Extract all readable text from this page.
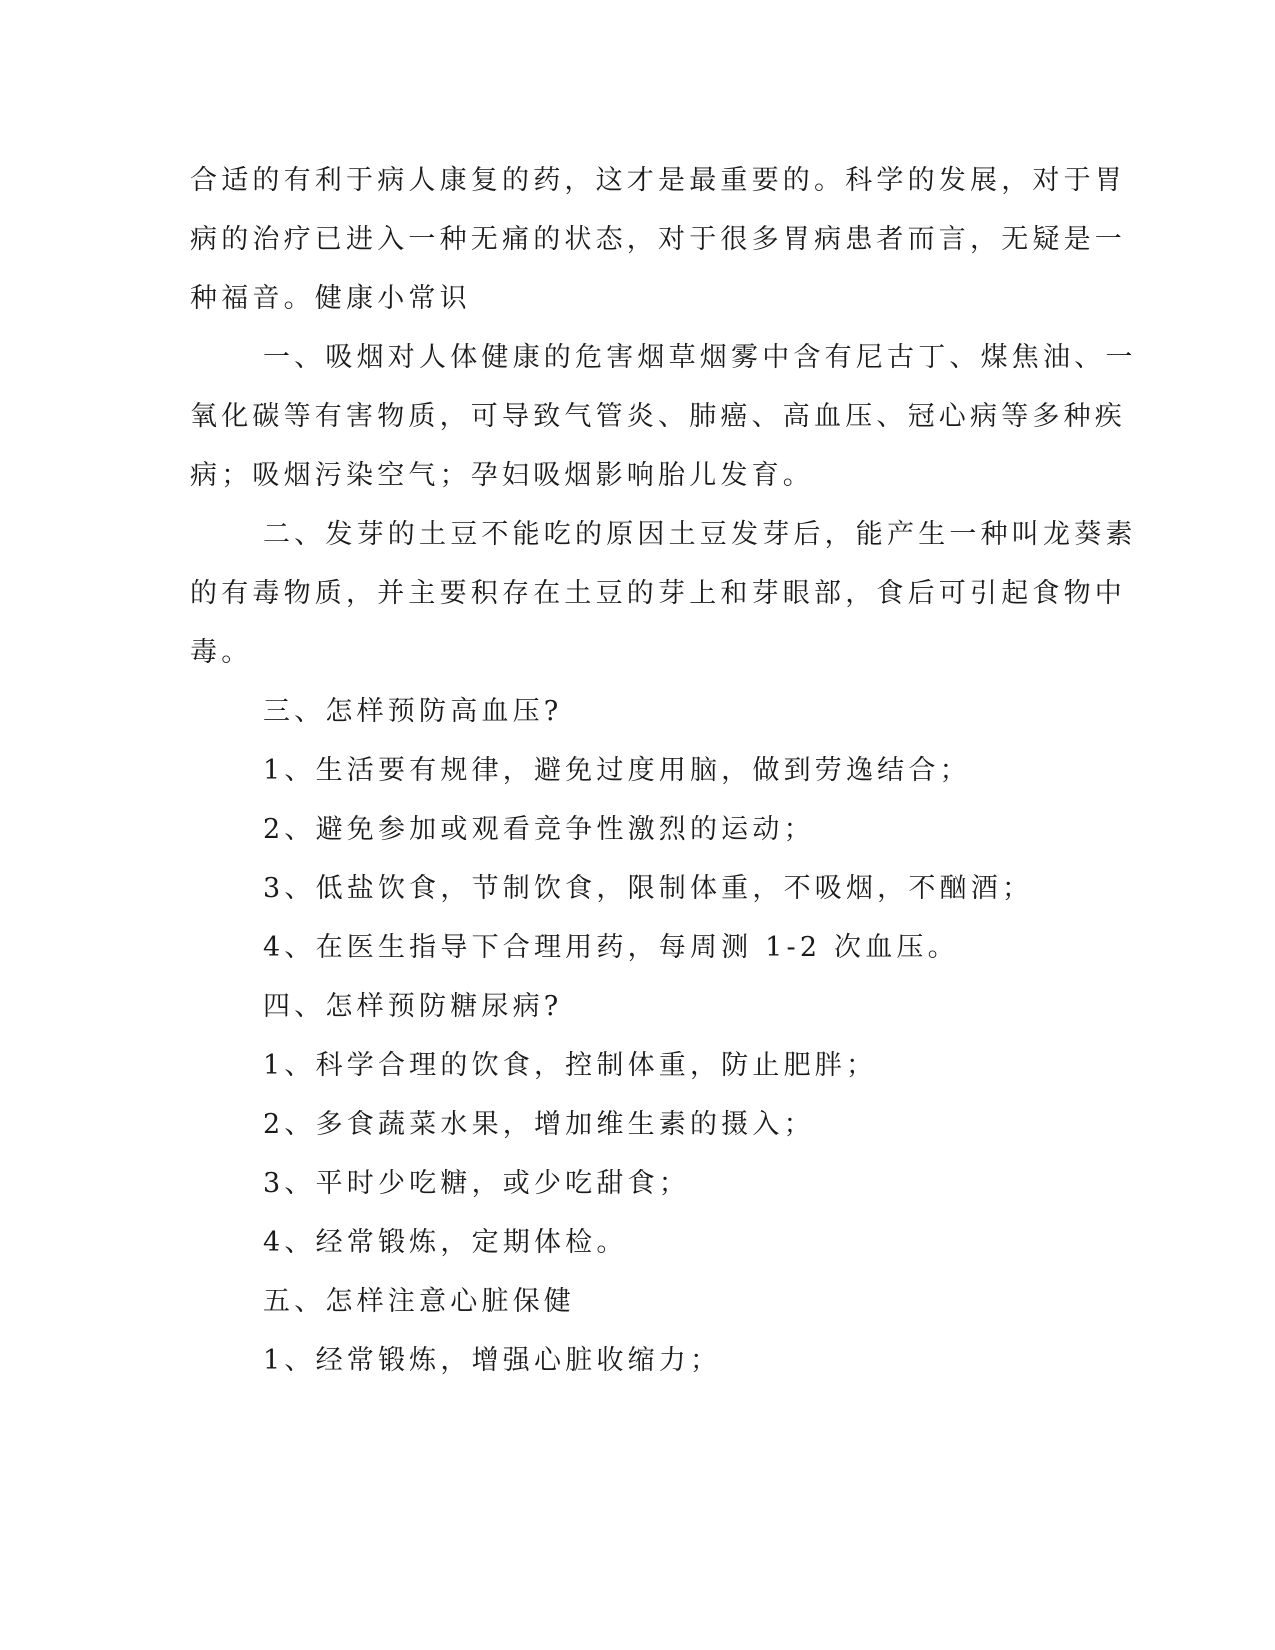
合适的有利于病人康复的药，这才是最重要的。科学的发展，对于胃
病的治疗已进入一种无痛的状态，对于很多胃病患者而言，无疑是一
种福音。健康小常识
一、吸烟对人体健康的危害烟草烟雾中含有尼古丁、煤焦油、一
氧化碳等有害物质，可导致气管炎、肺癌、高血压、冠心病等多种疾
病；吸烟污染空气；孕妇吸烟影响胎儿发育。
二、发芽的土豆不能吃的原因土豆发芽后，能产生一种叫龙葵素
的有毒物质，并主要积存在土豆的芽上和芽眼部，食后可引起食物中
毒。
三、怎样预防高血压?
1、生活要有规律，避免过度用脑，做到劳逸结合；
2、避免参加或观看竞争性激烈的运动；
3、低盐饮食，节制饮食，限制体重，不吸烟，不酗酒；
4、在医生指导下合理用药，每周测 1-2 次血压。
四、怎样预防糖尿病?
1、科学合理的饮食，控制体重，防止肥胖；
2、多食蔬菜水果，增加维生素的摄入；
3、平时少吃糖，或少吃甜食；
4、经常锻炼，定期体检。
五、怎样注意心脏保健
1、经常锻炼，增强心脏收缩力；
